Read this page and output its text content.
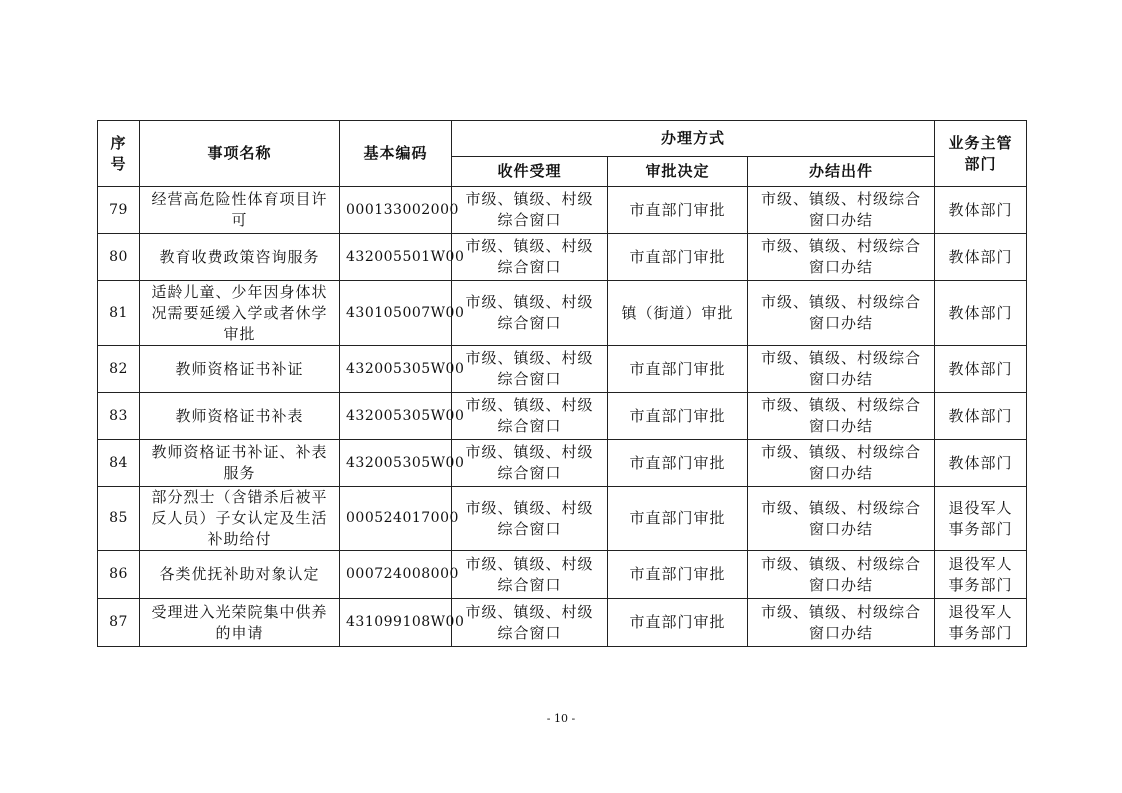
序号	事项名称	基本编码	办理方式			业务主管部门
			收件受理	审批决定	办结出件	
79	经营高危险性体育项目许可	000133002000	市级、镇级、村级综合窗口	市直部门审批	市级、镇级、村级综合窗口办结	教体部门
80	教育收费政策咨询服务	432005501W00	市级、镇级、村级综合窗口	市直部门审批	市级、镇级、村级综合窗口办结	教体部门
81	适龄儿童、少年因身体状况需要延缓入学或者休学审批	430105007W00	市级、镇级、村级综合窗口	镇（街道）审批	市级、镇级、村级综合窗口办结	教体部门
82	教师资格证书补证	432005305W00	市级、镇级、村级综合窗口	市直部门审批	市级、镇级、村级综合窗口办结	教体部门
83	教师资格证书补表	432005305W00	市级、镇级、村级综合窗口	市直部门审批	市级、镇级、村级综合窗口办结	教体部门
84	教师资格证书补证、补表服务	432005305W00	市级、镇级、村级综合窗口	市直部门审批	市级、镇级、村级综合窗口办结	教体部门
85	部分烈士（含错杀后被平反人员）子女认定及生活补助给付	000524017000	市级、镇级、村级综合窗口	市直部门审批	市级、镇级、村级综合窗口办结	退役军人事务部门
86	各类优抚补助对象认定	000724008000	市级、镇级、村级综合窗口	市直部门审批	市级、镇级、村级综合窗口办结	退役军人事务部门
87	受理进入光荣院集中供养的申请	431099108W00	市级、镇级、村级综合窗口	市直部门审批	市级、镇级、村级综合窗口办结	退役军人事务部门
- 10 -
